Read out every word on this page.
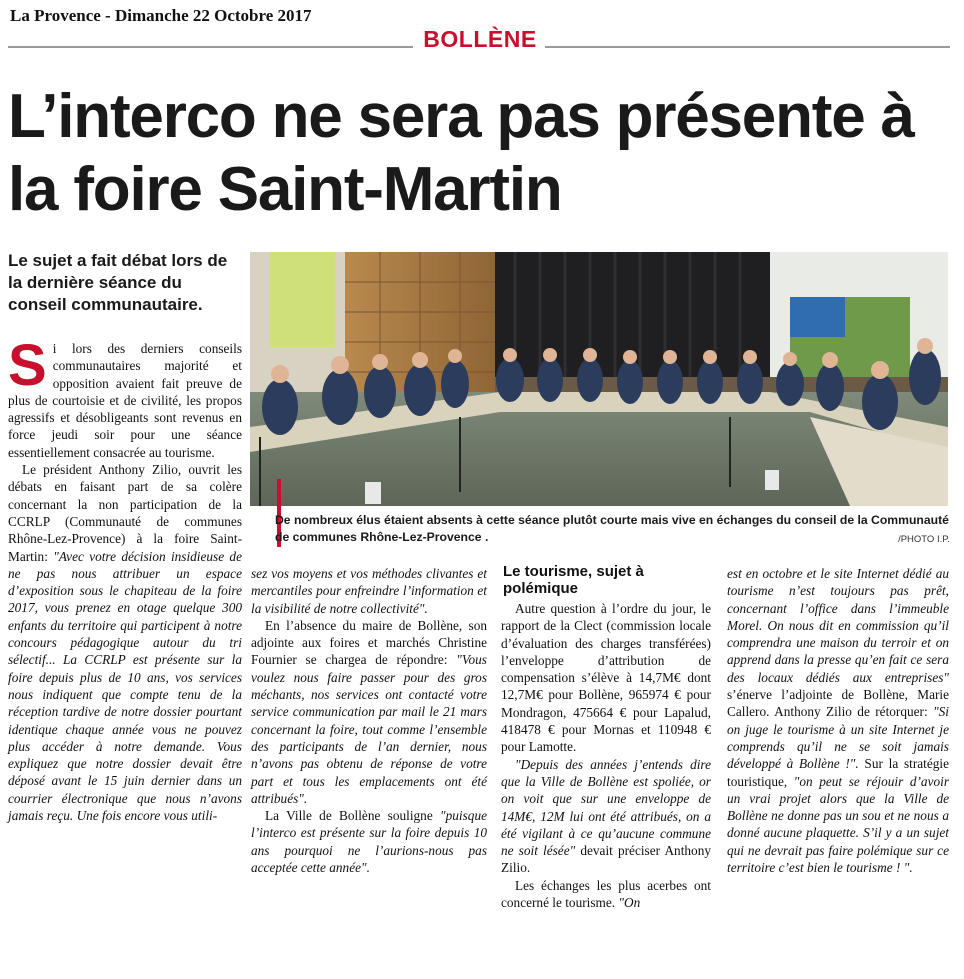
La Provence - Dimanche 22 Octobre 2017
BOLLÈNE
L’interco ne sera pas présente à la foire Saint-Martin

Le sujet a fait débat lors de la dernière séance du conseil communautaire.

Si lors des derniers conseils communautaires majorité et opposition avaient fait preuve de plus de courtoisie et de civilité, les propos agressifs et désobligeants sont revenus en force jeudi soir pour une séance essentiellement consacrée au tourisme.

Le président Anthony Zilio, ouvrit les débats en faisant part de sa colère concernant la non participation de la CCRLP (Communauté de communes Rhône-Lez-Provence) à la foire Saint-Martin: "Avec votre décision insidieuse de ne pas nous attribuer un espace d’exposition sous le chapiteau de la foire 2017, vous prenez en otage quelque 300 enfants du territoire qui participent à notre concours pédagogique autour du tri sélectif... La CCRLP est présente sur la foire depuis plus de 10 ans, vos services nous indiquent que compte tenu de la réception tardive de notre dossier pourtant identique chaque année vous ne pouvez plus accéder à notre demande. Vous expliquez que notre dossier devait être déposé avant le 15 juin dernier dans un courrier électronique que nous n’avons jamais reçu. Une fois encore vous utili-

De nombreux élus étaient absents à cette séance plutôt courte mais vive en échanges du conseil de la Communauté de communes Rhône-Lez-Provence .	/PHOTO I.P.

sez vos moyens et vos méthodes clivantes et mercantiles pour enfreindre l’information et la visibilité de notre collectivité".

En l’absence du maire de Bollène, son adjointe aux foires et marchés Christine Fournier se chargea de répondre: "Vous voulez nous faire passer pour des gros méchants, nos services ont contacté votre service communication par mail le 21 mars concernant la foire, tout comme l’ensemble des participants de l’an dernier, nous n’avons pas obtenu de réponse de votre part et tous les emplacements ont été attribués".

La Ville de Bollène souligne "puisque l’interco est présente sur la foire depuis 10 ans pourquoi ne l’aurions-nous pas acceptée cette année".

Le tourisme, sujet à polémique

Autre question à l’ordre du jour, le rapport de la Clect (commission locale d’évaluation des charges transférées) l’enveloppe d’attribution de compensation s’élève à 14,7M€ dont 12,7M€ pour Bollène, 965974 € pour Mondragon, 475664 € pour Lapalud, 418478 € pour Mornas et 110948 € pour Lamotte.

"Depuis des années j’entends dire que la Ville de Bollène est spoliée, or on voit que sur une enveloppe de 14M€, 12M lui ont été attribués, on a été vigilant à ce qu’aucune commune ne soit lésée" devait préciser Anthony Zilio.

Les échanges les plus acerbes ont concerné le tourisme. "On

est en octobre et le site Internet dédié au tourisme n’est toujours pas prêt, concernant l’office dans l’immeuble Morel. On nous dit en commission qu’il comprendra une maison du terroir et on apprend dans la presse qu’en fait ce sera des locaux dédiés aux entreprises" s’énerve l’adjointe de Bollène, Marie Callero. Anthony Zilio de rétorquer: "Si on juge le tourisme à un site Internet je comprends qu’il ne se soit jamais développé à Bollène !". Sur la stratégie touristique, "on peut se réjouir d’avoir un vrai projet alors que la Ville de Bollène ne donne pas un sou et ne nous a donné aucune plaquette. S’il y a un sujet qui ne devrait pas faire polémique sur ce territoire c’est bien le tourisme ! ".
